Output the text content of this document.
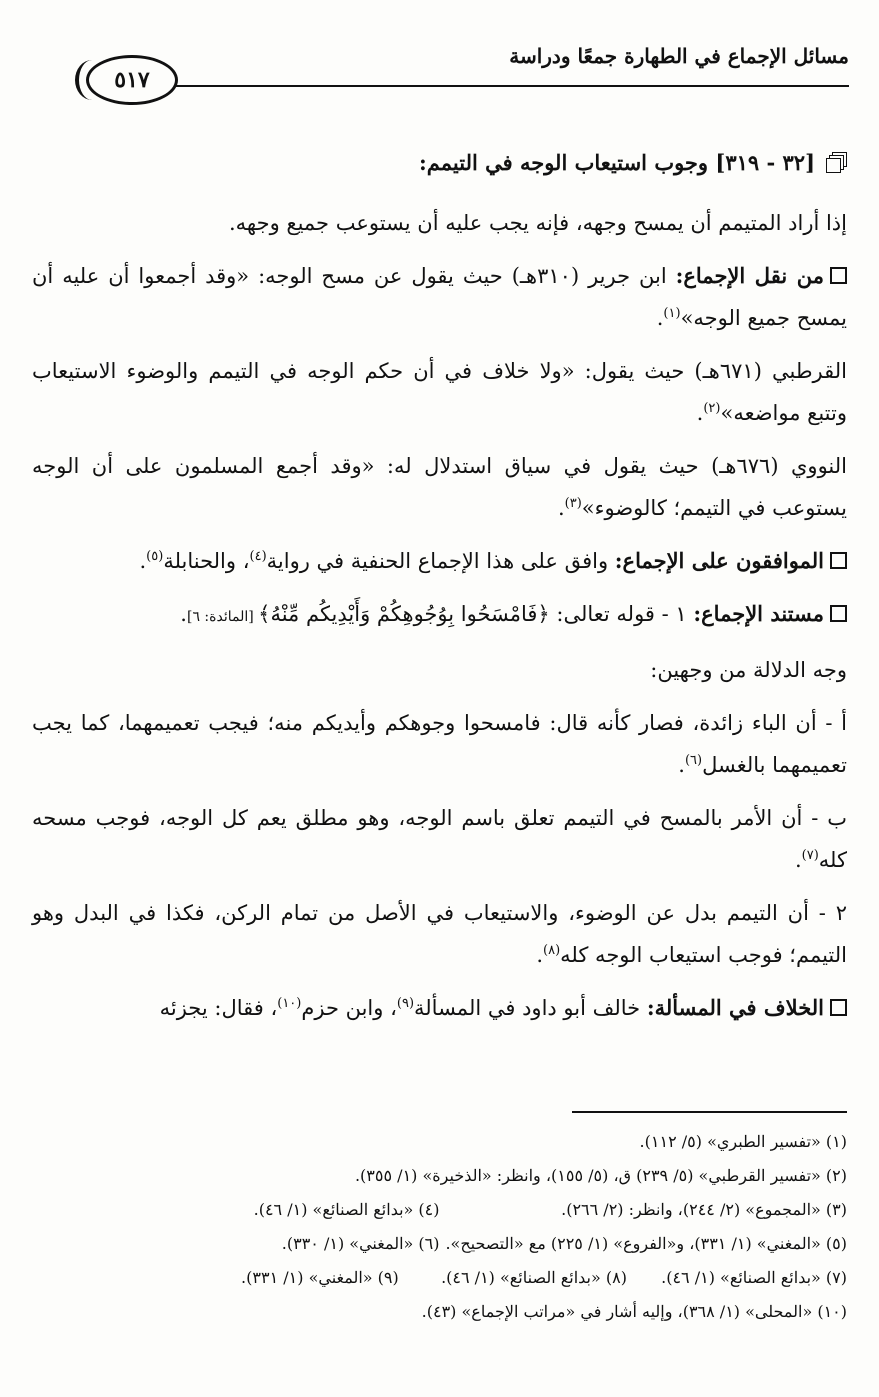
مسائل الإجماع في الطهارة جمعًا ودراسة
٥١٧
[٣٢ - ٣١٩] وجوب استيعاب الوجه في التيمم:

إذا أراد المتيمم أن يمسح وجهه، فإنه يجب عليه أن يستوعب جميع وجهه.

من نقل الإجماع: ابن جرير (٣١٠هـ) حيث يقول عن مسح الوجه: «وقد أجمعوا أن عليه أن يمسح جميع الوجه»$^{(١)}$.

القرطبي (٦٧١هـ) حيث يقول: «ولا خلاف في أن حكم الوجه في التيمم والوضوء الاستيعاب وتتبع مواضعه»$^{(٢)}$.

النووي (٦٧٦هـ) حيث يقول في سياق استدلال له: «وقد أجمع المسلمون على أن الوجه يستوعب في التيمم؛ كالوضوء»$^{(٣)}$.

الموافقون على الإجماع: وافق على هذا الإجماع الحنفية في رواية$^{(٤)}$، والحنابلة$^{(٥)}$.

مستند الإجماع: ١ - قوله تعالى: ﴿فَامْسَحُوا بِوُجُوهِكُمْ وَأَيْدِيكُم مِّنْهُ﴾ [المائدة: ٦].

وجه الدلالة من وجهين:

أ - أن الباء زائدة، فصار كأنه قال: فامسحوا وجوهكم وأيديكم منه؛ فيجب تعميمهما، كما يجب تعميمهما بالغسل$^{(٦)}$.

ب - أن الأمر بالمسح في التيمم تعلق باسم الوجه، وهو مطلق يعم كل الوجه، فوجب مسحه كله$^{(٧)}$.

٢ - أن التيمم بدل عن الوضوء، والاستيعاب في الأصل من تمام الركن، فكذا في البدل وهو التيمم؛ فوجب استيعاب الوجه كله$^{(٨)}$.

الخلاف في المسألة: خالف أبو داود في المسألة$^{(٩)}$، وابن حزم$^{(١٠)}$، فقال: يجزئه

(١) «تفسير الطبري» (٥/ ١١٢).
(٢) «تفسير القرطبي» (٥/ ٢٣٩) ق، (٥/ ١٥٥)، وانظر: «الذخيرة» (١/ ٣٥٥).
(٣) «المجموع» (٢/ ٢٤٤)، وانظر: (٢/ ٢٦٦).
(٤) «بدائع الصنائع» (١/ ٤٦).
(٥) «المغني» (١/ ٣٣١)، و«الفروع» (١/ ٢٢٥) مع «التصحيح».
(٦) «المغني» (١/ ٣٣٠).
(٧) «بدائع الصنائع» (١/ ٤٦).
(٨) «بدائع الصنائع» (١/ ٤٦).
(٩) «المغني» (١/ ٣٣١).
(١٠) «المحلى» (١/ ٣٦٨)، وإليه أشار في «مراتب الإجماع» (٤٣).
